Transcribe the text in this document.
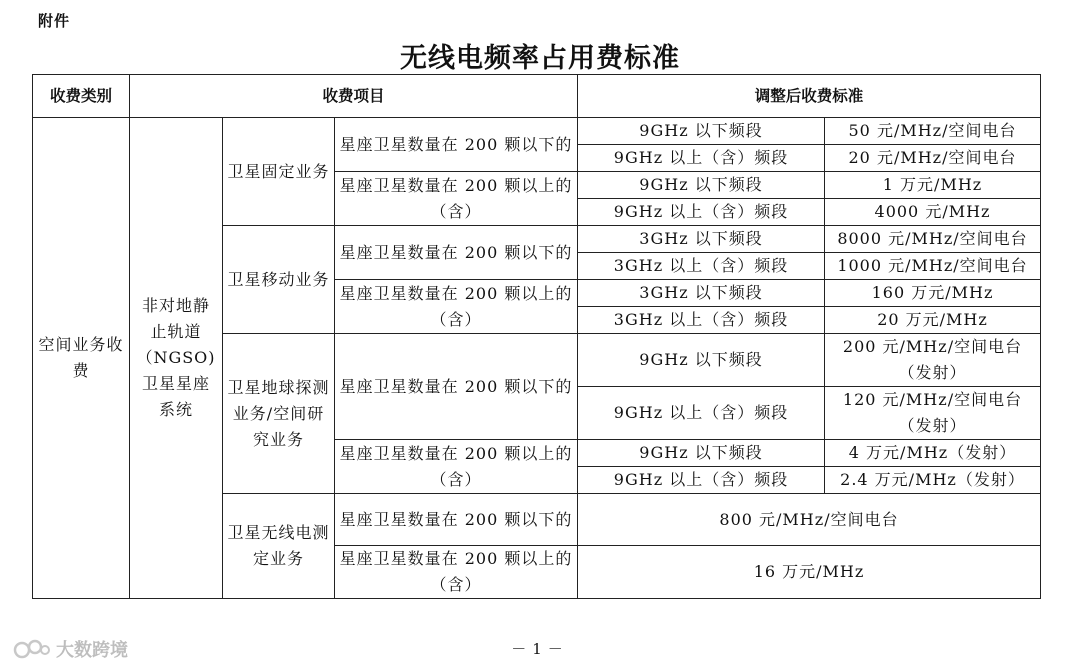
附件
无线电频率占用费标准
收费类别	收费项目			调整后收费标准	
空间业务收费	非对地静止轨道（NGSO)卫星星座系统	卫星固定业务	星座卫星数量在 200 颗以下的	9GHz 以下频段	50 元/MHz/空间电台
				9GHz 以上（含）频段	20 元/MHz/空间电台
			星座卫星数量在 200 颗以上的（含）	9GHz 以下频段	1 万元/MHz
				9GHz 以上（含）频段	4000 元/MHz
		卫星移动业务	星座卫星数量在 200 颗以下的	3GHz 以下频段	8000 元/MHz/空间电台
				3GHz 以上（含）频段	1000 元/MHz/空间电台
			星座卫星数量在 200 颗以上的（含）	3GHz 以下频段	160 万元/MHz
				3GHz 以上（含）频段	20 万元/MHz
		卫星地球探测业务/空间研究业务	星座卫星数量在 200 颗以下的	9GHz 以下频段	200 元/MHz/空间电台（发射）
				9GHz 以上（含）频段	120 元/MHz/空间电台（发射）
			星座卫星数量在 200 颗以上的（含）	9GHz 以下频段	4 万元/MHz（发射）
				9GHz 以上（含）频段	2.4 万元/MHz（发射）
		卫星无线电测定业务	星座卫星数量在 200 颗以下的	800 元/MHz/空间电台	
			星座卫星数量在 200 颗以上的（含）	16 万元/MHz	
大数跨境	－1－
